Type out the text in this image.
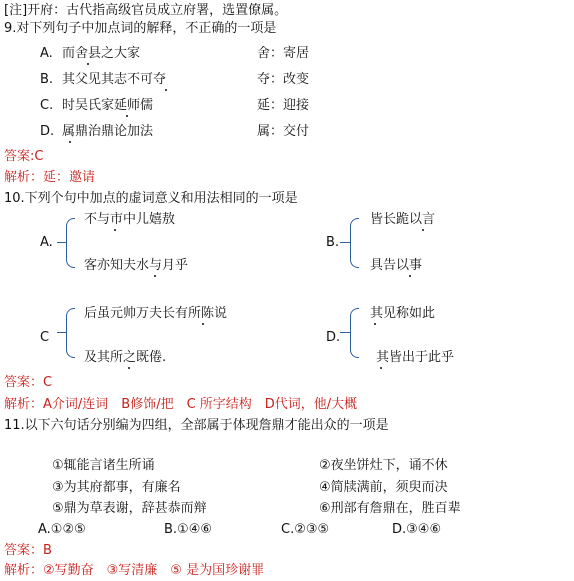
[注]开府：古代指高级官员成立府署，选置僚属。
9.对下列句子中加点词的解释，不正确的一项是
A. 而舍县之大家	舍：寄居
B. 其父见其志不可夺	夺：改变
C. 时吴氏家延师儒	延：迎接
D. 属鼎治鼎论加法	属：交付
答案:C
解析：延：邀请
10.下列个句中加点的虚词意义和用法相同的一项是
A.
不与市中儿嬉敖
客亦知夫水与月乎
B.
皆长跪以言
具告以事
C
后虽元帅万夫长有所陈说
及其所之既倦.
D.
其见称如此
其皆出于此乎
答案：C
解析：A介词/连词　B修饰/把　C 所字结构　D代词，他/大概
11.以下六句话分别编为四组，全部属于体现詹鼎才能出众的一项是
①辄能言诸生所诵	②夜坐饼灶下，诵不休
③为其府都事，有廉名	④简牍满前，须臾而决
⑤鼎为草表谢，辞甚恭而辩	⑥刑部有詹鼎在，胜百辈
A.①②⑤	B.①④⑥	C.②③⑤	D.③④⑥
答案：B
解析：②写勤奋　③写清廉　⑤ 是为国珍谢罪
